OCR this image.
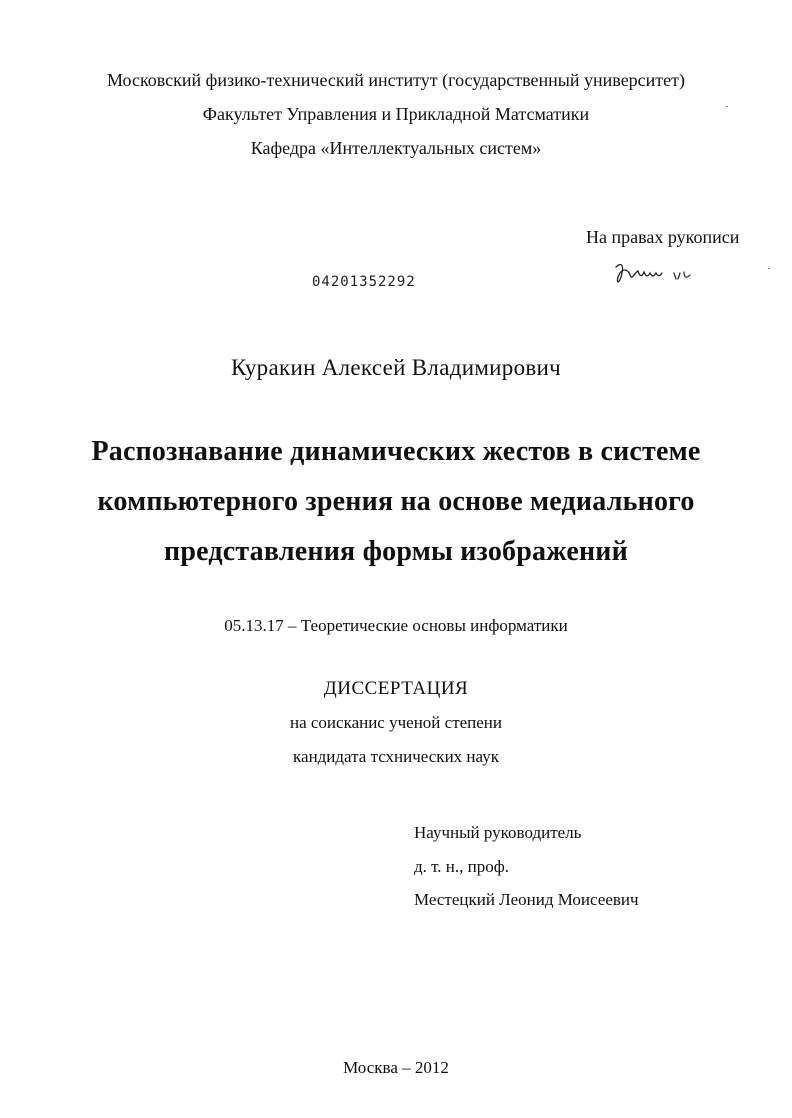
Московский физико-технический институт (государственный университет)
Факультет Управления и Прикладной Матсматики
Кафедра «Интеллектуальных систем»
На правах рукописи
04201352292
Куракин Алексей Владимирович
Распознавание динамических жестов в системе
компьютерного зрения на основе медиального
представления формы изображений
05.13.17 – Теоретические основы информатики
ДИССЕРТАЦИЯ
на соисканис ученой степени
кандидата тсхнических наук
Научный руководитель
д. т. н., проф.
Местецкий Леонид Моисеевич
Москва – 2012
